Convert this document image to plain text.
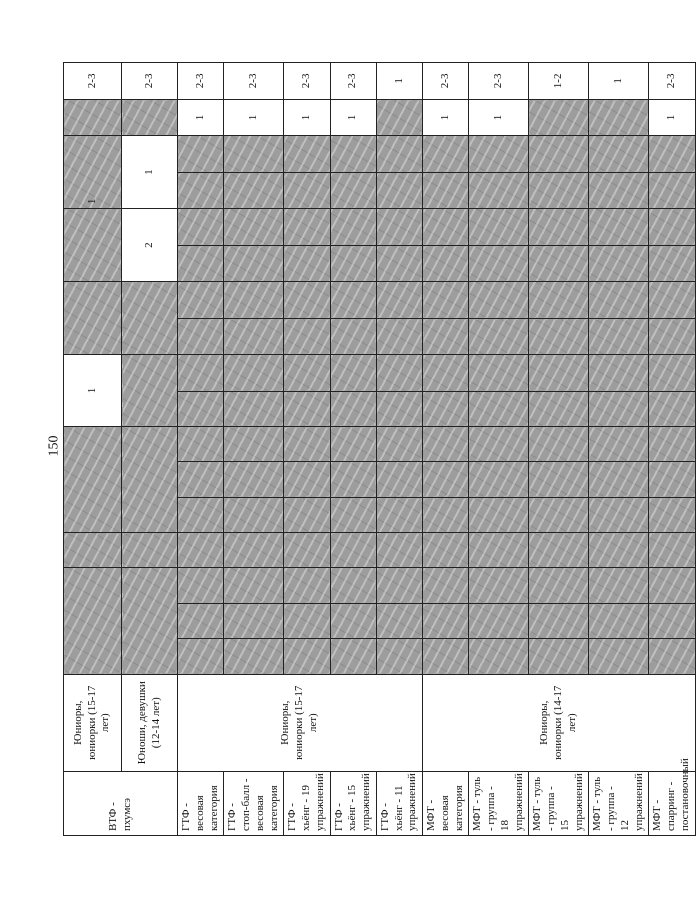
150
ВТФ - пхумсэ	Юниоры, юниорки (15-17 лет)								1						1			2-3
	Юноши, девушки (12-14 лет)												2		1			2-3
ГТФ - весовая категория	Юниоры, юниорки (15-17 лет)																1	2-3
ГТФ - стоп-балл - весовая категория																	1	2-3
ГТФ - хьёнг - 19 упражнений																	1	2-3
ГТФ - хьёнг - 15 упражнений																	1	2-3
ГТФ - хьёнг - 11 упражнений																		1
МФТ - весовая категория	Юниоры, юниорки (14-17 лет)																1	2-3
МФТ - туль - группа - 18 упражнений																	1	2-3
МФТ - туль - группа - 15 упражнений																		1-2
МФТ - туль - группа - 12 упражнений																		1
МФТ - спарринг - постановочный																	1	2-3
